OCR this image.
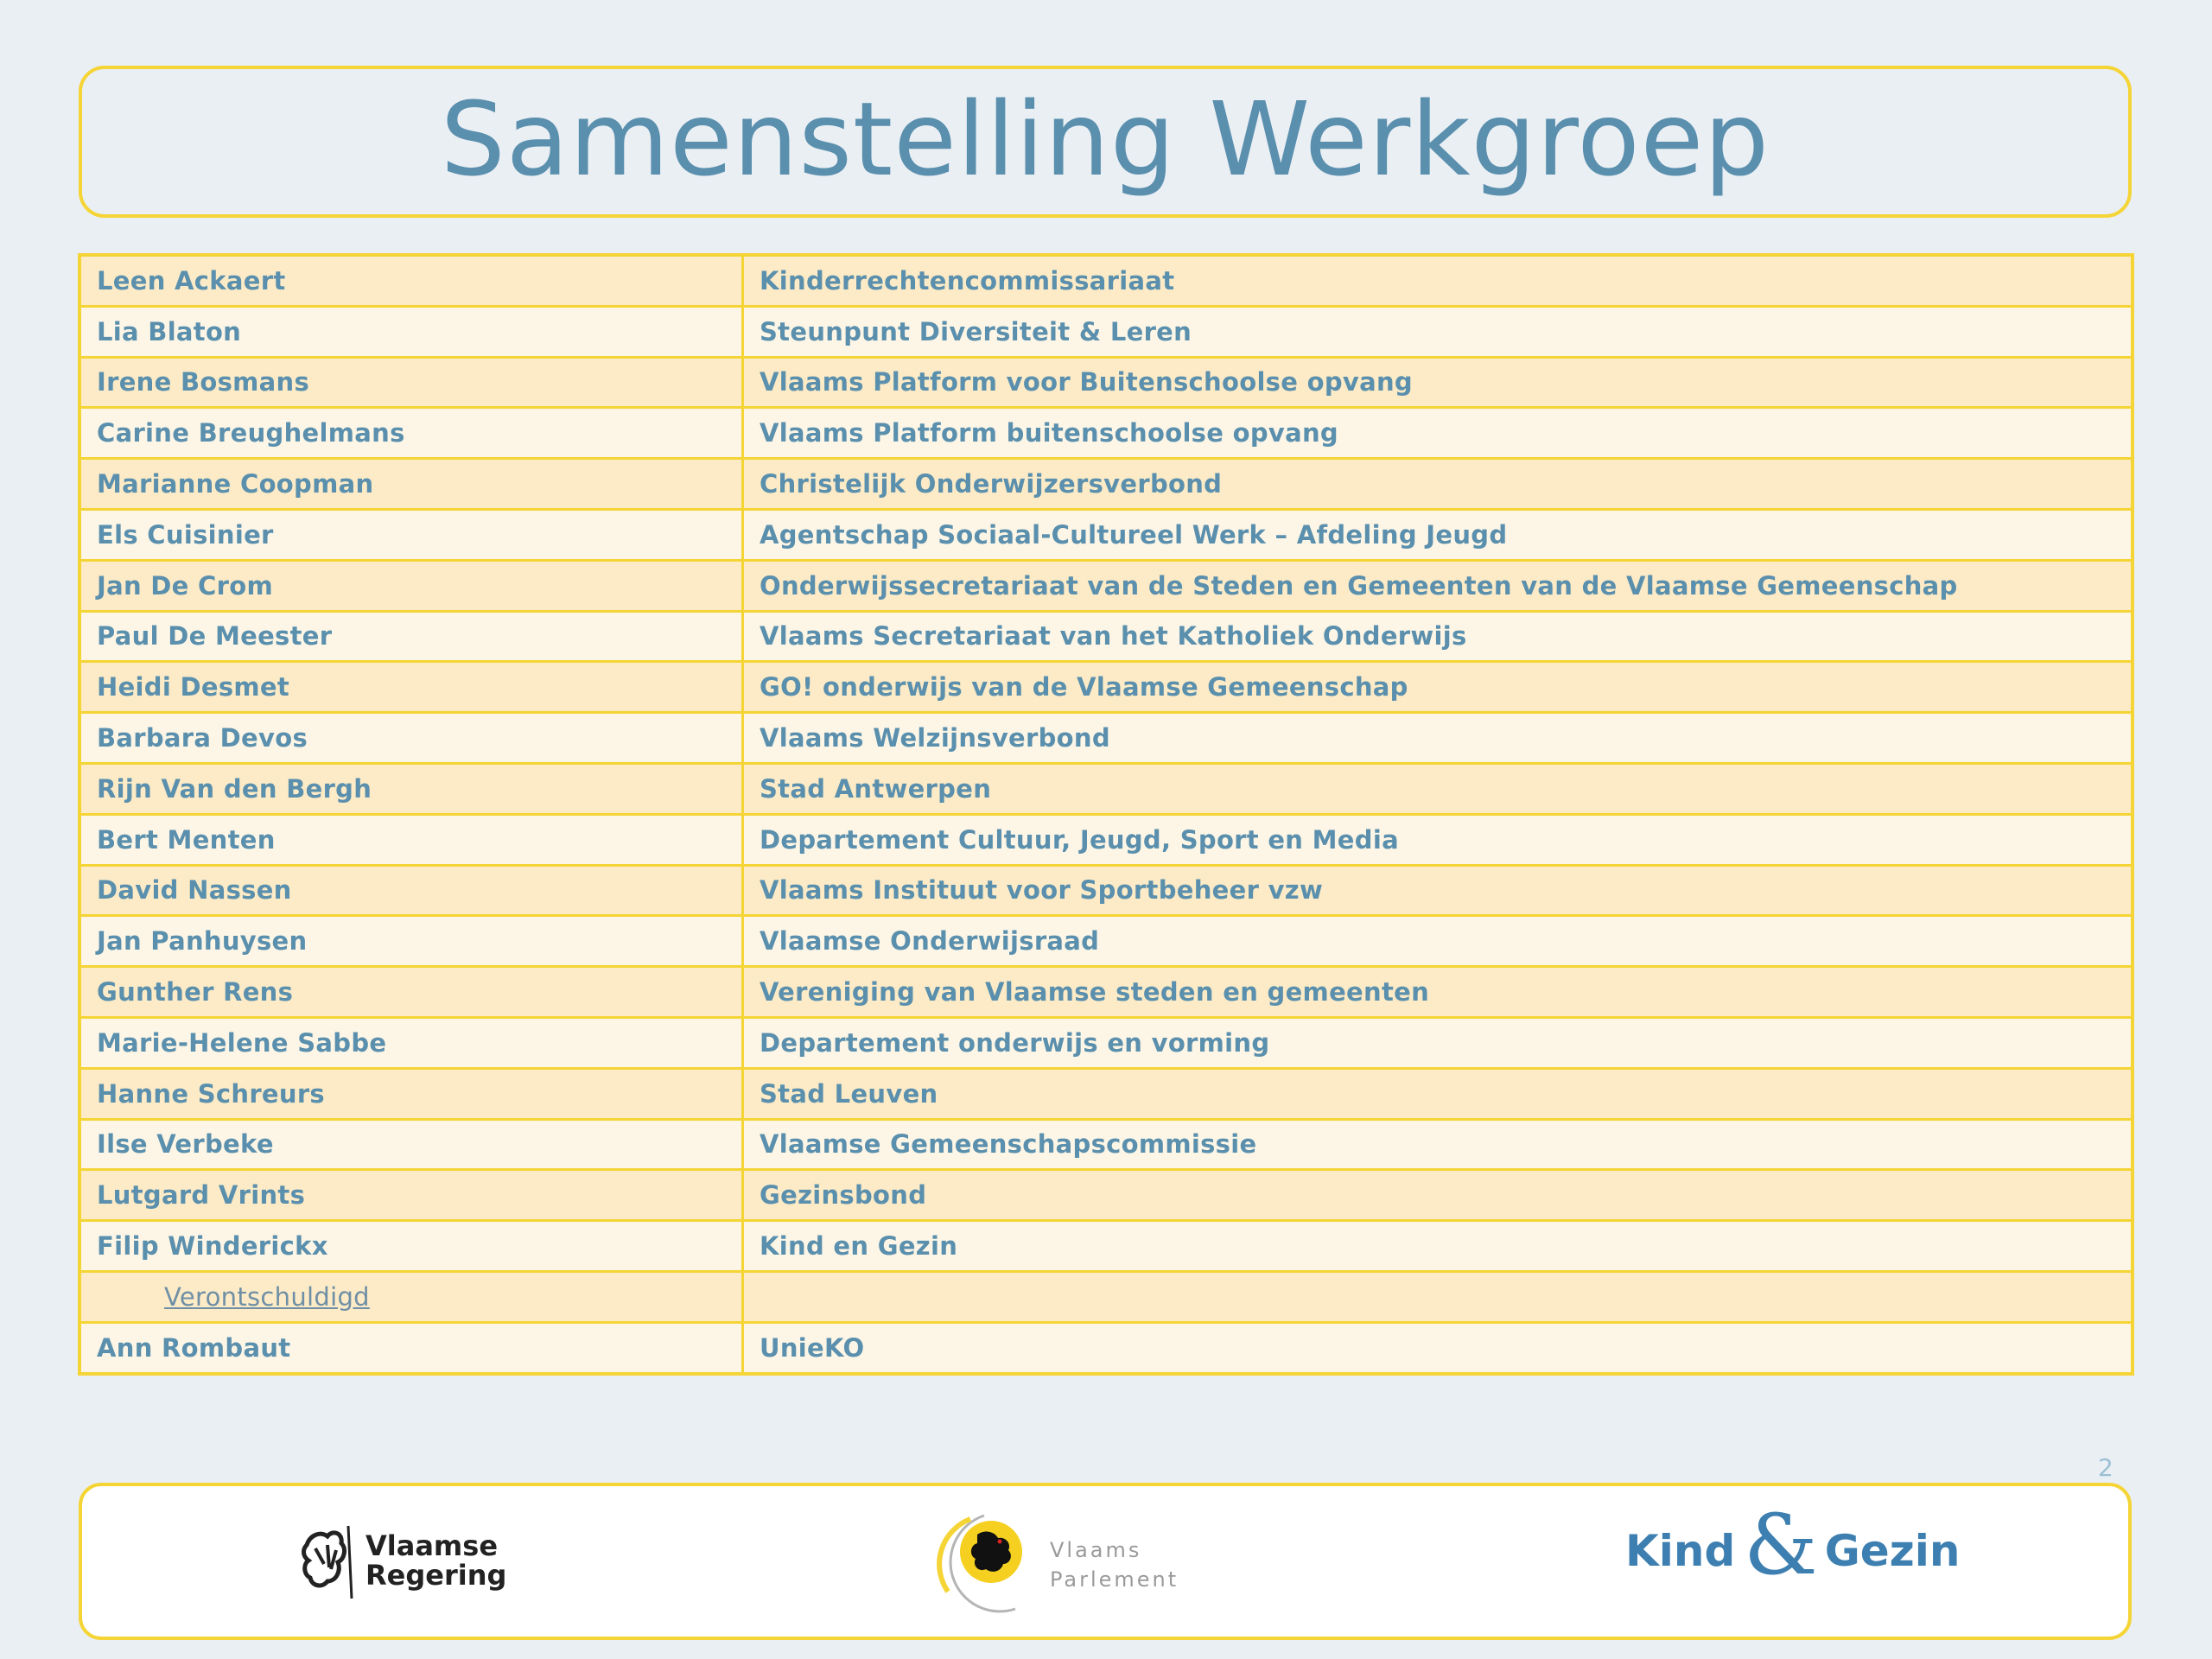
Samenstelling Werkgroep
Leen Ackaert	Kinderrechtencommissariaat
Lia Blaton	Steunpunt Diversiteit & Leren
Irene Bosmans	Vlaams Platform voor Buitenschoolse opvang
Carine Breughelmans	Vlaams Platform buitenschoolse opvang
Marianne Coopman	Christelijk Onderwijzersverbond
Els Cuisinier	Agentschap Sociaal-Cultureel Werk – Afdeling Jeugd
Jan De Crom	Onderwijssecretariaat van de Steden en Gemeenten van de Vlaamse Gemeenschap
Paul De Meester	Vlaams Secretariaat van het Katholiek Onderwijs
Heidi Desmet	GO! onderwijs van de Vlaamse Gemeenschap
Barbara Devos	Vlaams Welzijnsverbond
Rijn Van den Bergh	Stad Antwerpen
Bert Menten	Departement Cultuur, Jeugd, Sport en Media
David Nassen	Vlaams Instituut voor Sportbeheer vzw
Jan Panhuysen	Vlaamse Onderwijsraad
Gunther Rens	Vereniging van Vlaamse steden en gemeenten
Marie-Helene Sabbe	Departement onderwijs en vorming
Hanne Schreurs	Stad Leuven
Ilse Verbeke	Vlaamse Gemeenschapscommissie
Lutgard Vrints	Gezinsbond
Filip Winderickx	Kind en Gezin
Verontschuldigd	
Ann Rombaut	UnieKO
2
Vlaamse
Regering
Vlaams
Parlement
Kind & Gezin
